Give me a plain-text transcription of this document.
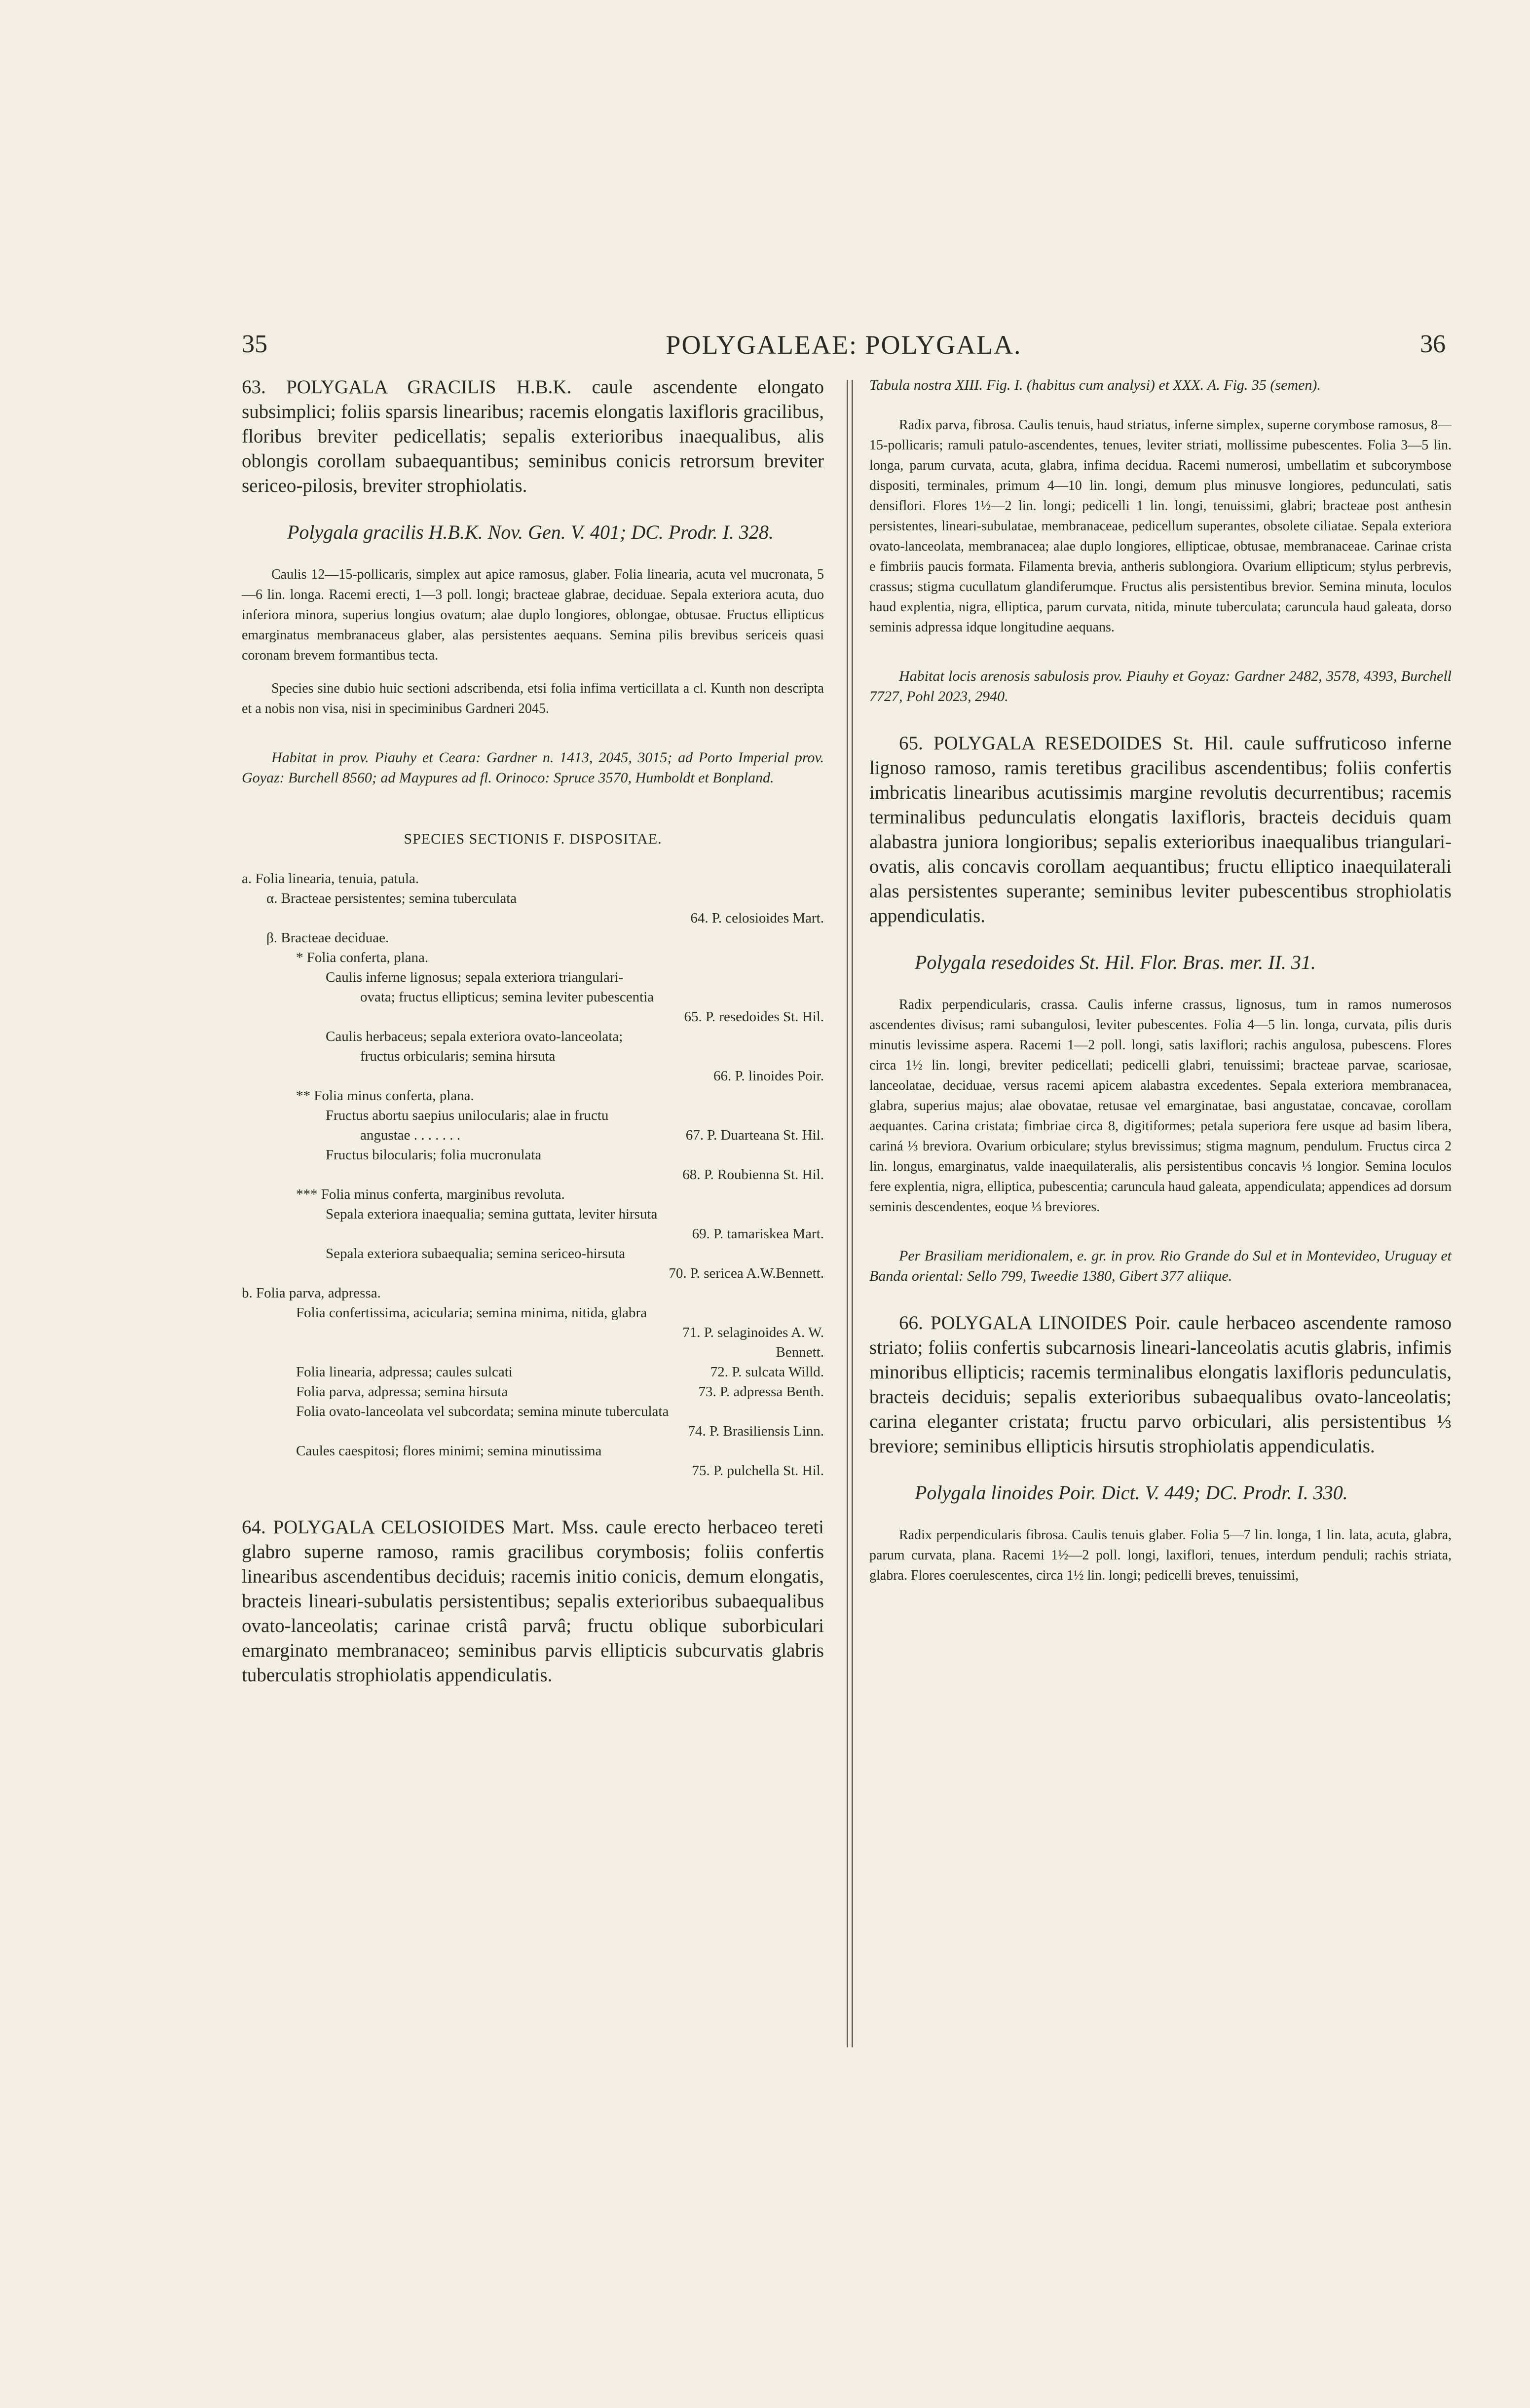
35	POLYGALEAE: POLYGALA.	36

63. POLYGALA GRACILIS H.B.K. caule ascendente elongato subsimplici; foliis sparsis linearibus; racemis elongatis laxifloris gracilibus, floribus breviter pedicellatis; sepalis exterioribus inaequalibus, alis oblongis corollam subaequantibus; seminibus conicis retrorsum breviter sericeo-pilosis, breviter strophiolatis.

Polygala gracilis H.B.K. Nov. Gen. V. 401; DC. Prodr. I. 328.

Caulis 12—15-pollicaris, simplex aut apice ramosus, glaber. Folia linearia, acuta vel mucronata, 5—6 lin. longa. Racemi erecti, 1—3 poll. longi; bracteae glabrae, deciduae. Sepala exteriora acuta, duo inferiora minora, superius longius ovatum; alae duplo longiores, oblongae, obtusae. Fructus ellipticus emarginatus membranaceus glaber, alas persistentes aequans. Semina pilis brevibus sericeis quasi coronam brevem formantibus tecta.

Species sine dubio huic sectioni adscribenda, etsi folia infima verticillata a cl. Kunth non descripta et a nobis non visa, nisi in speciminibus Gardneri 2045.

Habitat in prov. Piauhy et Ceara: Gardner n. 1413, 2045, 3015; ad Porto Imperial prov. Goyaz: Burchell 8560; ad Maypures ad fl. Orinoco: Spruce 3570, Humboldt et Bonpland.

SPECIES SECTIONIS F. DISPOSITAE.
a. Folia linearia, tenuia, patula.
α. Bracteae persistentes; semina tuberculata
64. P. celosioides Mart.
β. Bracteae deciduae.
* Folia conferta, plana.
Caulis inferne lignosus; sepala exteriora triangulari-
ovata; fructus ellipticus; semina leviter pubescentia
65. P. resedoides St. Hil.
Caulis herbaceus; sepala exteriora ovato-lanceolata;
fructus orbicularis; semina hirsuta
66. P. linoides Poir.
** Folia minus conferta, plana.
Fructus abortu saepius unilocularis; alae in fructu
angustae . . . . . . .	67. P. Duarteana St. Hil.
Fructus bilocularis; folia mucronulata
68. P. Roubienna St. Hil.
*** Folia minus conferta, marginibus revoluta.
Sepala exteriora inaequalia; semina guttata, leviter hirsuta
69. P. tamariskea Mart.
Sepala exteriora subaequalia; semina sericeo-hirsuta
70. P. sericea A.W.Bennett.
b. Folia parva, adpressa.
Folia confertissima, acicularia; semina minima, nitida, glabra
71. P. selaginoides A. W.
Bennett.
Folia linearia, adpressa; caules sulcati	72. P. sulcata Willd.
Folia parva, adpressa; semina hirsuta	73. P. adpressa Benth.
Folia ovato-lanceolata vel subcordata; semina minute tuberculata
74. P. Brasiliensis Linn.
Caules caespitosi; flores minimi; semina minutissima
75. P. pulchella St. Hil.

64. POLYGALA CELOSIOIDES Mart. Mss. caule erecto herbaceo tereti glabro superne ramoso, ramis gracilibus corymbosis; foliis confertis linearibus ascendentibus deciduis; racemis initio conicis, demum elongatis, bracteis lineari-subulatis persistentibus; sepalis exterioribus subaequalibus ovato-lanceolatis; carinae cristâ parvâ; fructu oblique suborbiculari emarginato membranaceo; seminibus parvis ellipticis subcurvatis glabris tuberculatis strophiolatis appendiculatis.

Tabula nostra XIII. Fig. I. (habitus cum analysi) et XXX. A. Fig. 35 (semen).

Radix parva, fibrosa. Caulis tenuis, haud striatus, inferne simplex, superne corymbose ramosus, 8—15-pollicaris; ramuli patulo-ascendentes, tenues, leviter striati, mollissime pubescentes. Folia 3—5 lin. longa, parum curvata, acuta, glabra, infima decidua. Racemi numerosi, umbellatim et subcorymbose dispositi, terminales, primum 4—10 lin. longi, demum plus minusve longiores, pedunculati, satis densiflori. Flores 1½—2 lin. longi; pedicelli 1 lin. longi, tenuissimi, glabri; bracteae post anthesin persistentes, lineari-subulatae, membranaceae, pedicellum superantes, obsolete ciliatae. Sepala exteriora ovato-lanceolata, membranacea; alae duplo longiores, ellipticae, obtusae, membranaceae. Carinae crista e fimbriis paucis formata. Filamenta brevia, antheris sublongiora. Ovarium ellipticum; stylus perbrevis, crassus; stigma cucullatum glandiferumque. Fructus alis persistentibus brevior. Semina minuta, loculos haud explentia, nigra, elliptica, parum curvata, nitida, minute tuberculata; caruncula haud galeata, dorso seminis adpressa idque longitudine aequans.

Habitat locis arenosis sabulosis prov. Piauhy et Goyaz: Gardner 2482, 3578, 4393, Burchell 7727, Pohl 2023, 2940.

65. POLYGALA RESEDOIDES St. Hil. caule suffruticoso inferne lignoso ramoso, ramis teretibus gracilibus ascendentibus; foliis confertis imbricatis linearibus acutissimis margine revolutis decurrentibus; racemis terminalibus pedunculatis elongatis laxifloris, bracteis deciduis quam alabastra juniora longioribus; sepalis exterioribus inaequalibus triangulari-ovatis, alis concavis corollam aequantibus; fructu elliptico inaequilaterali alas persistentes superante; seminibus leviter pubescentibus strophiolatis appendiculatis.

Polygala resedoides St. Hil. Flor. Bras. mer. II. 31.

Radix perpendicularis, crassa. Caulis inferne crassus, lignosus, tum in ramos numerosos ascendentes divisus; rami subangulosi, leviter pubescentes. Folia 4—5 lin. longa, curvata, pilis duris minutis levissime aspera. Racemi 1—2 poll. longi, satis laxiflori; rachis angulosa, pubescens. Flores circa 1½ lin. longi, breviter pedicellati; pedicelli glabri, tenuissimi; bracteae parvae, scariosae, lanceolatae, deciduae, versus racemi apicem alabastra excedentes. Sepala exteriora membranacea, glabra, superius majus; alae obovatae, retusae vel emarginatae, basi angustatae, concavae, corollam aequantes. Carina cristata; fimbriae circa 8, digitiformes; petala superiora fere usque ad basim libera, cariná ⅓ breviora. Ovarium orbiculare; stylus brevissimus; stigma magnum, pendulum. Fructus circa 2 lin. longus, emarginatus, valde inaequilateralis, alis persistentibus concavis ⅓ longior. Semina loculos fere explentia, nigra, elliptica, pubescentia; caruncula haud galeata, appendiculata; appendices ad dorsum seminis descendentes, eoque ⅓ breviores.

Per Brasiliam meridionalem, e. gr. in prov. Rio Grande do Sul et in Montevideo, Uruguay et Banda oriental: Sello 799, Tweedie 1380, Gibert 377 aliique.

66. POLYGALA LINOIDES Poir. caule herbaceo ascendente ramoso striato; foliis confertis subcarnosis lineari-lanceolatis acutis glabris, infimis minoribus ellipticis; racemis terminalibus elongatis laxifloris pedunculatis, bracteis deciduis; sepalis exterioribus subaequalibus ovato-lanceolatis; carina eleganter cristata; fructu parvo orbiculari, alis persistentibus ⅓ breviore; seminibus ellipticis hirsutis strophiolatis appendiculatis.

Polygala linoides Poir. Dict. V. 449; DC. Prodr. I. 330.

Radix perpendicularis fibrosa. Caulis tenuis glaber. Folia 5—7 lin. longa, 1 lin. lata, acuta, glabra, parum curvata, plana. Racemi 1½—2 poll. longi, laxiflori, tenues, interdum penduli; rachis striata, glabra. Flores coerulescentes, circa 1½ lin. longi; pedicelli breves, tenuissimi,
